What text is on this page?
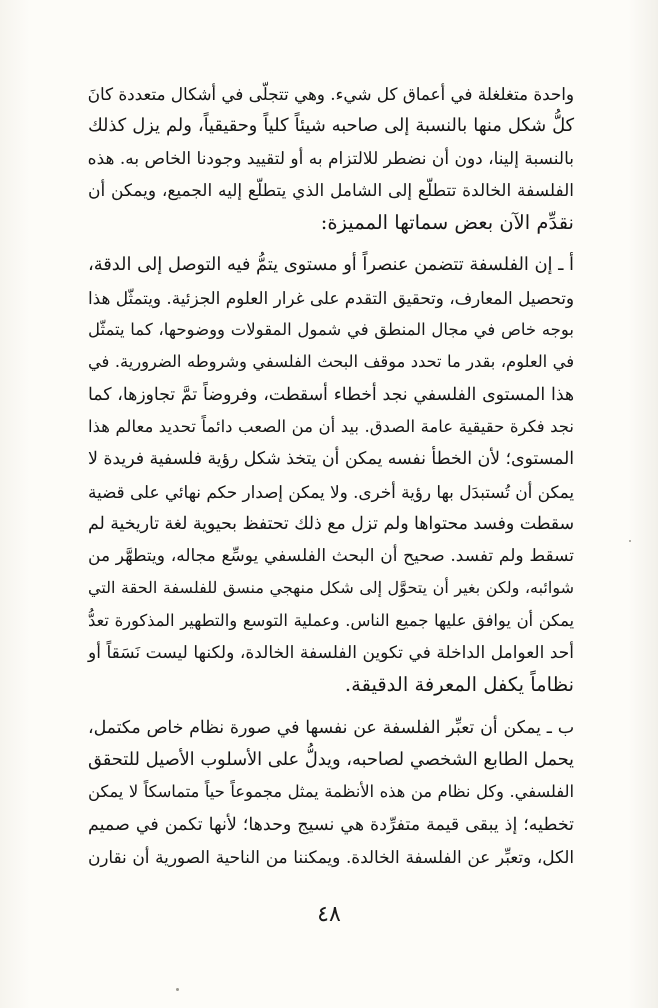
واحدة متغلغلة في أعماق كل شيء. وهي تتجلّى في أشكال متعددة كانَ
كلُّ شكل منها بالنسبة إلى صاحبه شيئاً كلياً وحقيقياً، ولم يزل كذلك
بالنسبة إلينا، دون أن نضطر للالتزام به أو لتقييد وجودنا الخاص به. هذه
الفلسفة الخالدة تتطلّع إلى الشامل الذي يتطلّع إليه الجميع، ويمكن أن
نقدِّم الآن بعض سماتها المميزة:
أ ـ إن الفلسفة تتضمن عنصراً أو مستوى يتمُّ فيه التوصل إلى الدقة،
وتحصيل المعارف، وتحقيق التقدم على غرار العلوم الجزئية. ويتمثّل هذا
بوجه خاص في مجال المنطق في شمول المقولات ووضوحها، كما يتمثّل
في العلوم، بقدر ما تحدد موقف البحث الفلسفي وشروطه الضرورية. في
هذا المستوى الفلسفي نجد أخطاء أسقطت، وفروضاً تمَّ تجاوزها، كما
نجد فكرة حقيقية عامة الصدق. بيد أن من الصعب دائماً تحديد معالم هذا
المستوى؛ لأن الخطأ نفسه يمكن أن يتخذ شكل رؤية فلسفية فريدة لا
يمكن أن تُستبدَل بها رؤية أخرى. ولا يمكن إصدار حكم نهائي على قضية
سقطت وفسد محتواها ولم تزل مع ذلك تحتفظ بحيوية لغة تاريخية لم
تسقط ولم تفسد. صحيح أن البحث الفلسفي يوسِّع مجاله، ويتطهَّر من
شوائبه، ولكن بغير أن يتحوَّل إلى شكل منهجي منسق للفلسفة الحقة التي
يمكن أن يوافق عليها جميع الناس. وعملية التوسع والتطهير المذكورة تعدُّ
أحد العوامل الداخلة في تكوين الفلسفة الخالدة، ولكنها ليست نَسَقاً أو
نظاماً يكفل المعرفة الدقيقة.
ب ـ يمكن أن تعبِّر الفلسفة عن نفسها في صورة نظام خاص مكتمل،
يحمل الطابع الشخصي لصاحبه، ويدلُّ على الأسلوب الأصيل للتحقق
الفلسفي. وكل نظام من هذه الأنظمة يمثل مجموعاً حياً متماسكاً لا يمكن
تخطيه؛ إذ يبقى قيمة متفرِّدة هي نسيج وحدها؛ لأنها تكمن في صميم
الكل، وتعبِّر عن الفلسفة الخالدة. ويمكننا من الناحية الصورية أن نقارن
٤٨
